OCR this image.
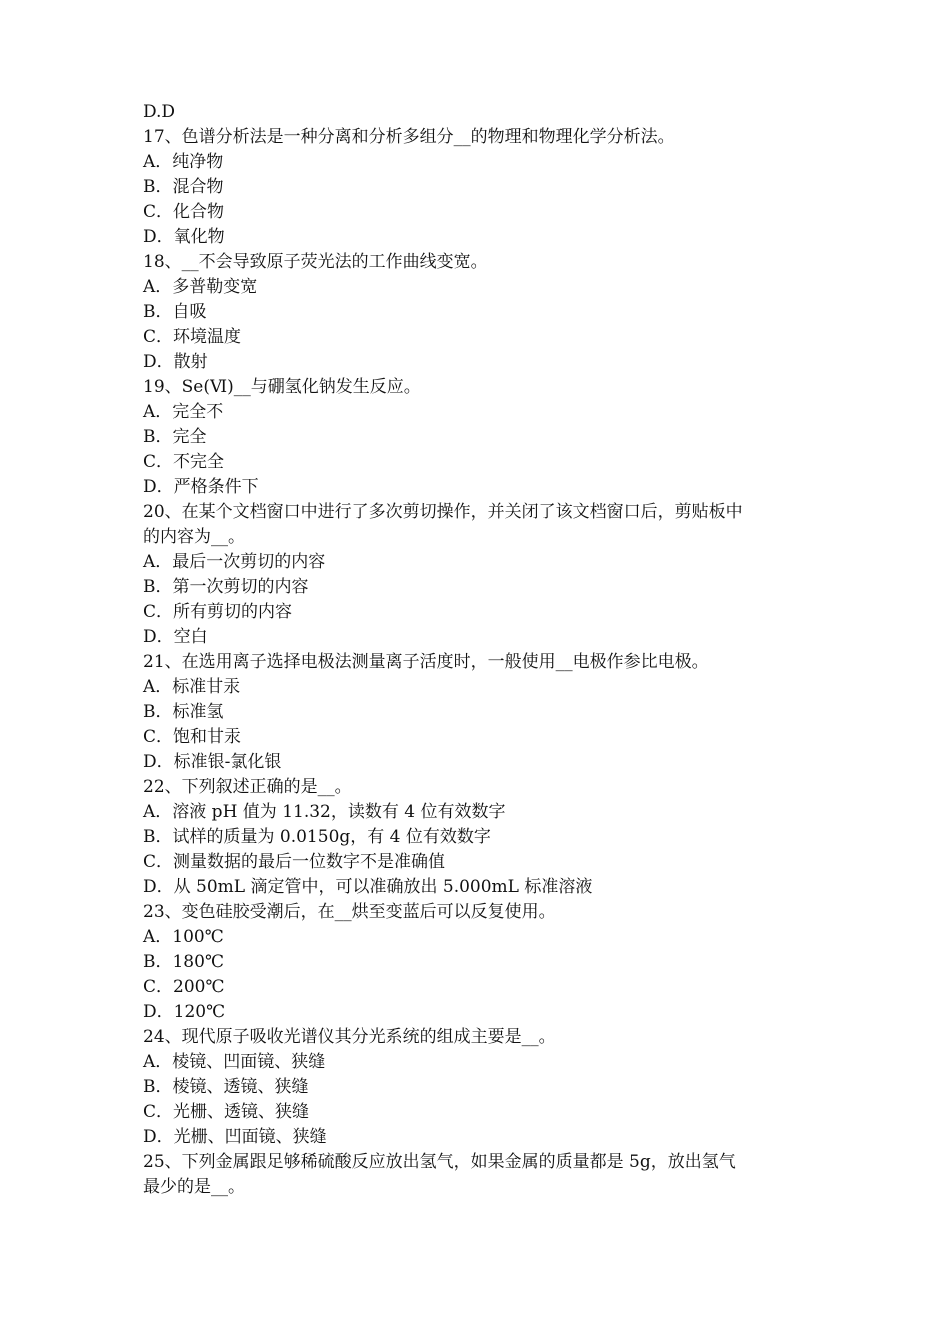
D.D
17、色谱分析法是一种分离和分析多组分__的物理和物理化学分析法。
A．纯净物
B．混合物
C．化合物
D．氧化物
18、__不会导致原子荧光法的工作曲线变宽。
A．多普勒变宽
B．自吸
C．环境温度
D．散射
19、Se(Ⅵ)__与硼氢化钠发生反应。
A．完全不
B．完全
C．不完全
D．严格条件下
20、在某个文档窗口中进行了多次剪切操作，并关闭了该文档窗口后，剪贴板中
的内容为__。
A．最后一次剪切的内容
B．第一次剪切的内容
C．所有剪切的内容
D．空白
21、在选用离子选择电极法测量离子活度时，一般使用__电极作参比电极。
A．标准甘汞
B．标准氢
C．饱和甘汞
D．标准银-氯化银
22、下列叙述正确的是__。
A．溶液 pH 值为 11.32，读数有 4 位有效数字
B．试样的质量为 0.0150g，有 4 位有效数字
C．测量数据的最后一位数字不是准确值
D．从 50mL 滴定管中，可以准确放出 5.000mL 标准溶液
23、变色硅胶受潮后，在__烘至变蓝后可以反复使用。
A．100℃
B．180℃
C．200℃
D．120℃
24、现代原子吸收光谱仪其分光系统的组成主要是__。
A．棱镜、凹面镜、狭缝
B．棱镜、透镜、狭缝
C．光栅、透镜、狭缝
D．光栅、凹面镜、狭缝
25、下列金属跟足够稀硫酸反应放出氢气，如果金属的质量都是 5g，放出氢气
最少的是__。
